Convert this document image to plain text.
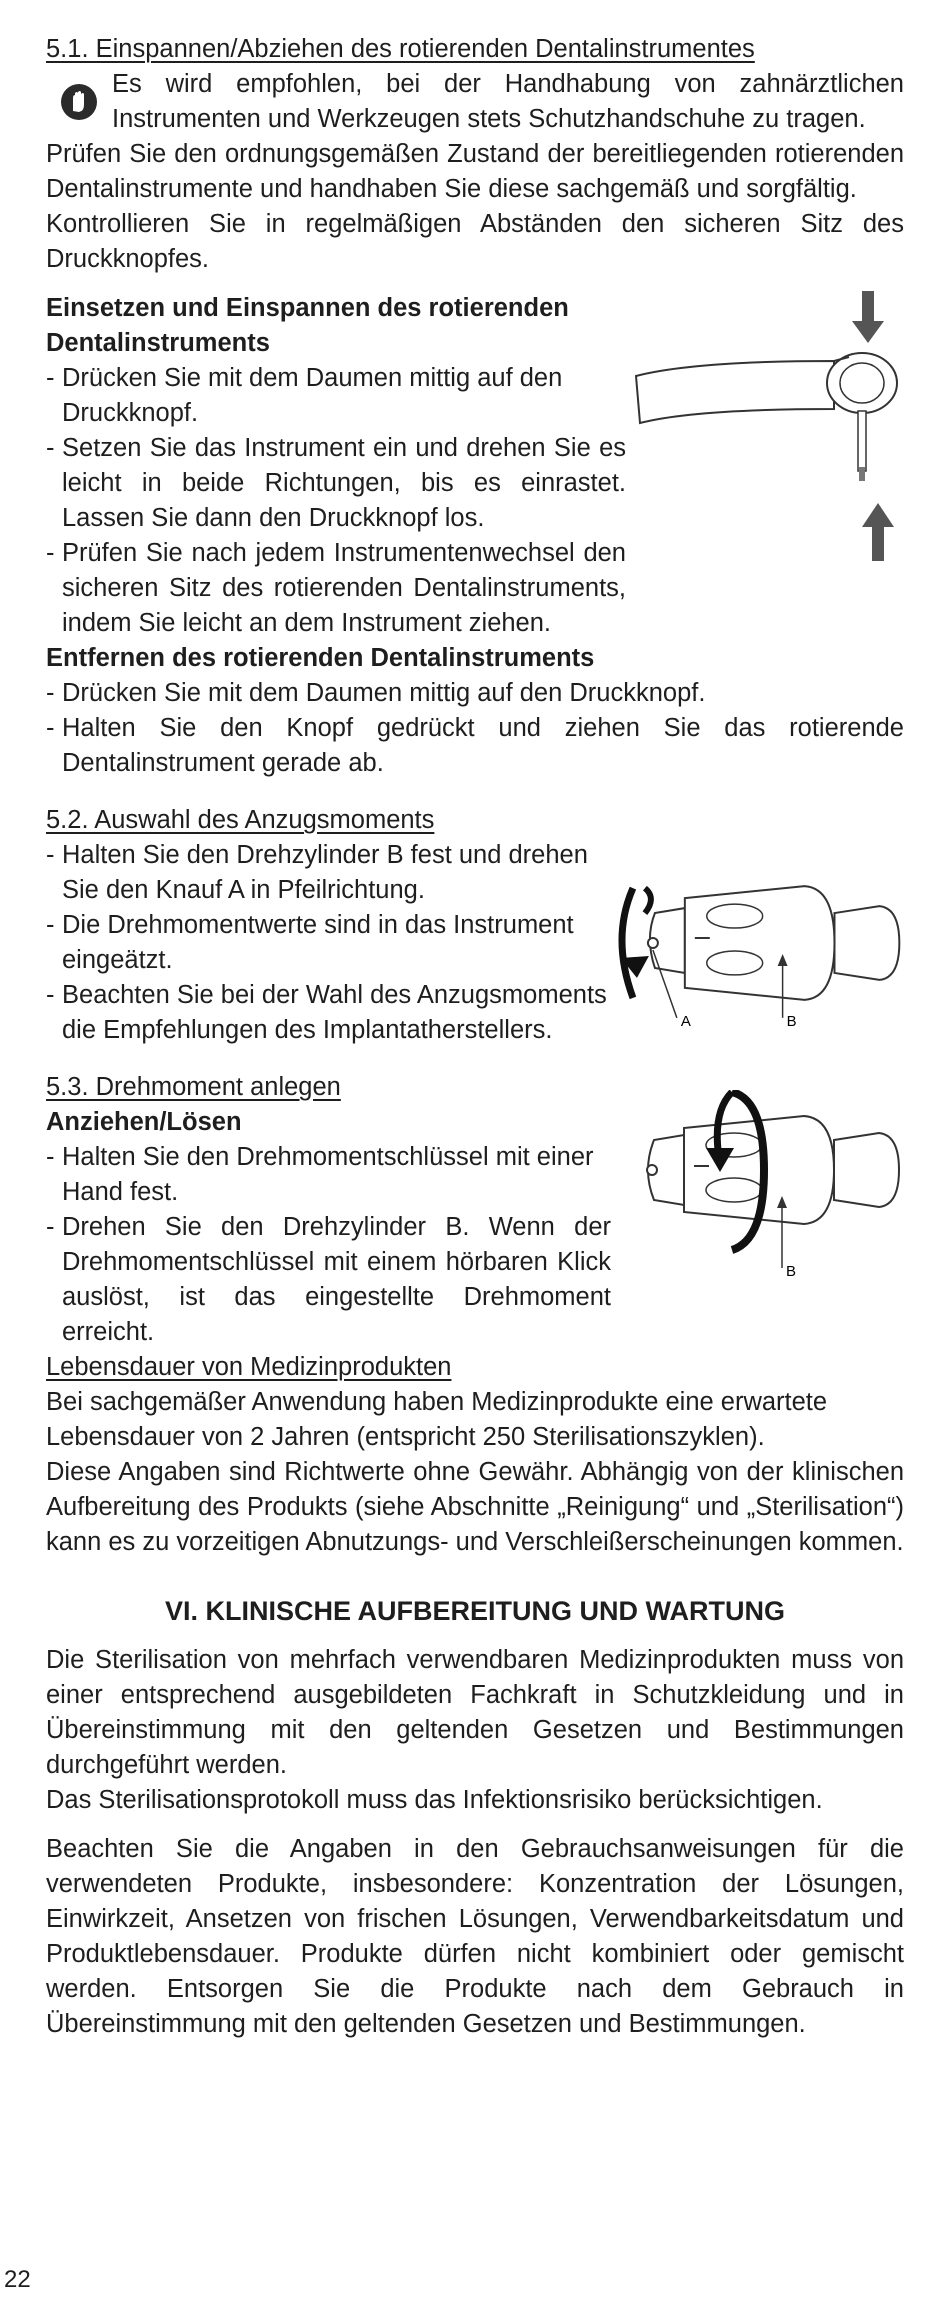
5.1. Einspannen/Abziehen des rotierenden Dentalinstrumentes

Es wird empfohlen, bei der Handhabung von zahnärztlichen

Instrumenten und Werkzeugen stets Schutzhandschuhe zu tragen.

Prüfen Sie den ordnungsgemäßen Zustand der bereitliegenden rotierenden Dentalinstrumente und handhaben Sie diese sachgemäß und sorgfältig.

Kontrollieren Sie in regelmäßigen Abständen den sicheren Sitz des Druckknopfes.

Einsetzen und Einspannen des rotierenden

Dentalinstruments

- Drücken Sie mit dem Daumen mittig auf den Druckknopf.
- Setzen Sie das Instrument ein und drehen Sie es leicht in beide Richtungen, bis es einrastet. Lassen Sie dann den Druckknopf los.
- Prüfen Sie nach jedem Instrumentenwechsel den sicheren Sitz des rotierenden Dentalinstruments, indem Sie leicht an dem Instrument ziehen.

Entfernen des rotierenden Dentalinstruments

- Drücken Sie mit dem Daumen mittig auf den Druckknopf.
- Halten Sie den Knopf gedrückt und ziehen Sie das rotierende Dentalinstrument gerade ab.

5.2. Auswahl des Anzugsmoments

- Halten Sie den Drehzylinder B fest und drehen Sie den Knauf A in Pfeilrichtung.
- Die Drehmomentwerte sind in das Instrument eingeätzt.
- Beachten Sie bei der Wahl des Anzugsmoments die Empfehlungen des Implantatherstellers.	A	B

5.3. Drehmoment anlegen

Anziehen/Lösen

- Halten Sie den Drehmomentschlüssel mit einer Hand fest.
- Drehen Sie den Drehzylinder B. Wenn der Drehmomentschlüssel mit einem hörbaren Klick auslöst, ist das eingestellte Drehmoment erreicht.
B

Lebensdauer von Medizinprodukten

Bei sachgemäßer Anwendung haben Medizinprodukte eine erwartete Lebensdauer von 2 Jahren (entspricht 250 Sterilisationszyklen).

Diese Angaben sind Richtwerte ohne Gewähr. Abhängig von der klinischen Aufbereitung des Produkts (siehe Abschnitte „Reinigung“ und „Sterilisation“) kann es zu vorzeitigen Abnutzungs- und Verschleißerscheinungen kommen.

VI. KLINISCHE AUFBEREITUNG UND WARTUNG

Die Sterilisation von mehrfach verwendbaren Medizinprodukten muss von einer entsprechend ausgebildeten Fachkraft in Schutzkleidung und in Übereinstimmung mit den geltenden Gesetzen und Bestimmungen durchgeführt werden.

Das Sterilisationsprotokoll muss das Infektionsrisiko berücksichtigen.

Beachten Sie die Angaben in den Gebrauchsanweisungen für die verwendeten Produkte, insbesondere: Konzentration der Lösungen, Einwirkzeit, Ansetzen von frischen Lösungen, Verwendbarkeitsdatum und Produktlebensdauer. Produkte dürfen nicht kombiniert oder gemischt werden. Entsorgen Sie die Produkte nach dem Gebrauch in Übereinstimmung mit den geltenden Gesetzen und Bestimmungen.

22
